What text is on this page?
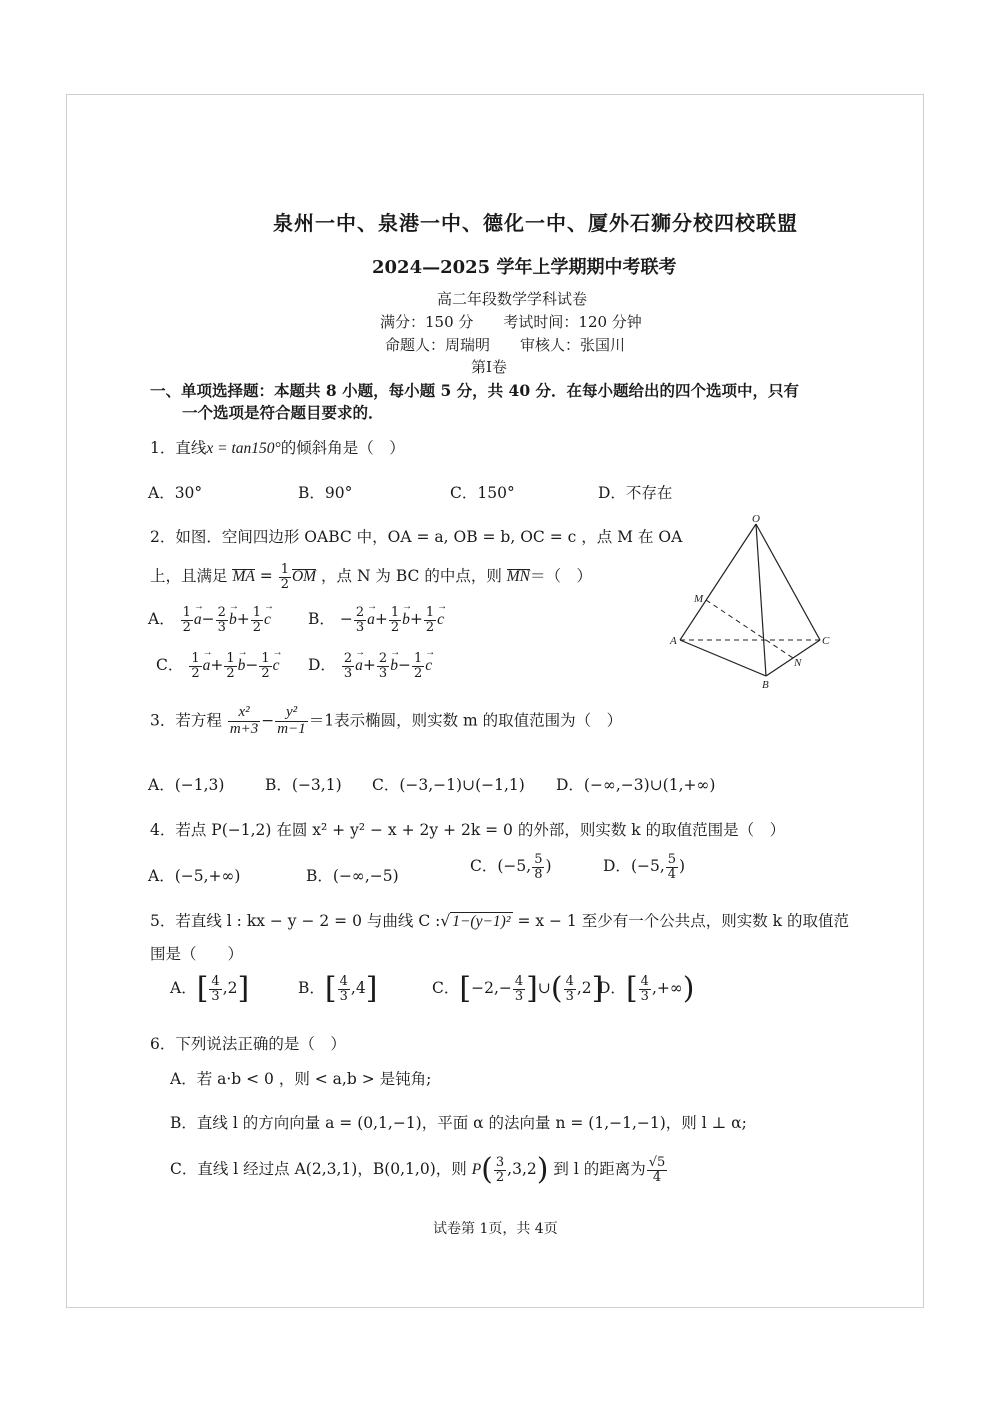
泉州一中、泉港一中、德化一中、厦外石狮分校四校联盟
2024—2025 学年上学期期中考联考
高二年段数学学科试卷
满分：150 分　　考试时间：120 分钟
命题人：周瑞明　　审核人：张国川
第Ⅰ卷
一、单项选择题：本题共 8 小题，每小题 5 分，共 40 分．在每小题给出的四个选项中，只有
一个选项是符合题目要求的．
1．直线x = tan150°的倾斜角是（　）
A．30°	B．90°	C．150°	D．不存在
2．如图．空间四边形 OABC 中，OA = a, OB = b, OC = c ，点 M 在 OA
上，且满足 MA = $\frac{1}{2}$ OM ，点 N 为 BC 的中点，则 MN＝（　）
A． $\frac{1}{2}$ $a \to- \frac{2}{3}$ $b \to+ \frac{1}{2}$ c → B． − $\frac{2}{3}$ $a \to+ \frac{1}{2}$ $b \to+ \frac{1}{2}$ c →
C． $\frac{1}{2}$ $a \to+ \frac{1}{2}$ $b \to- \frac{1}{2}$ c → D． $\frac{2}{3}$ $a \to+ \frac{2}{3}$ $b \to- \frac{1}{2}$ c →
O
M
A	C
N
B
3．若方程 $\frac{\text{x²}}{m+3} - \frac{\text{y²}}{m-1} =1$表示椭圆，则实数 m 的取值范围为（　）
A．(−1,3)	B．(−3,1) C．(−3,−1)∪(−1,1) D．(−∞,−3)∪(1,+∞)
4．若点 P(−1,2) 在圆 x² + y² − x + 2y + 2k = 0 的外部，则实数 k 的取值范围是（　）
A．(−5,+∞)	B．(−∞,−5)
C．(−5, $\frac{5}{8}$ )	D．(−5, $\frac{5}{4}$ )
5．若直线 l : kx − y − 2 = 0 与曲线 C :√ 1−(y−1)² = x − 1 至少有一个公共点，则实数 k 的取值范
围是（　　）
A．[ $\frac{4}{3} ,2$]	B．[ $\frac{4}{3} ,4$]	C．[$-2,- \frac{4}{3}$ ]∪( $\frac{4}{3} ,2$]
D．[ $\frac{4}{3}$ ,+∞)
6．下列说法正确的是（　）
A．若 a·b < 0 ，则 < a,b > 是钝角;
B．直线 l 的方向向量 a = (0,1,−1)，平面 α 的法向量 n = (1,−1,−1)，则 l ⊥ α;
C．直线 l 经过点 A(2,3,1)，B(0,1,0)，则 $P( \frac{3}{2} ,3,2)$ 到 l 的距离为 $\frac{√5}{4}$
试卷第 1页，共 4页
